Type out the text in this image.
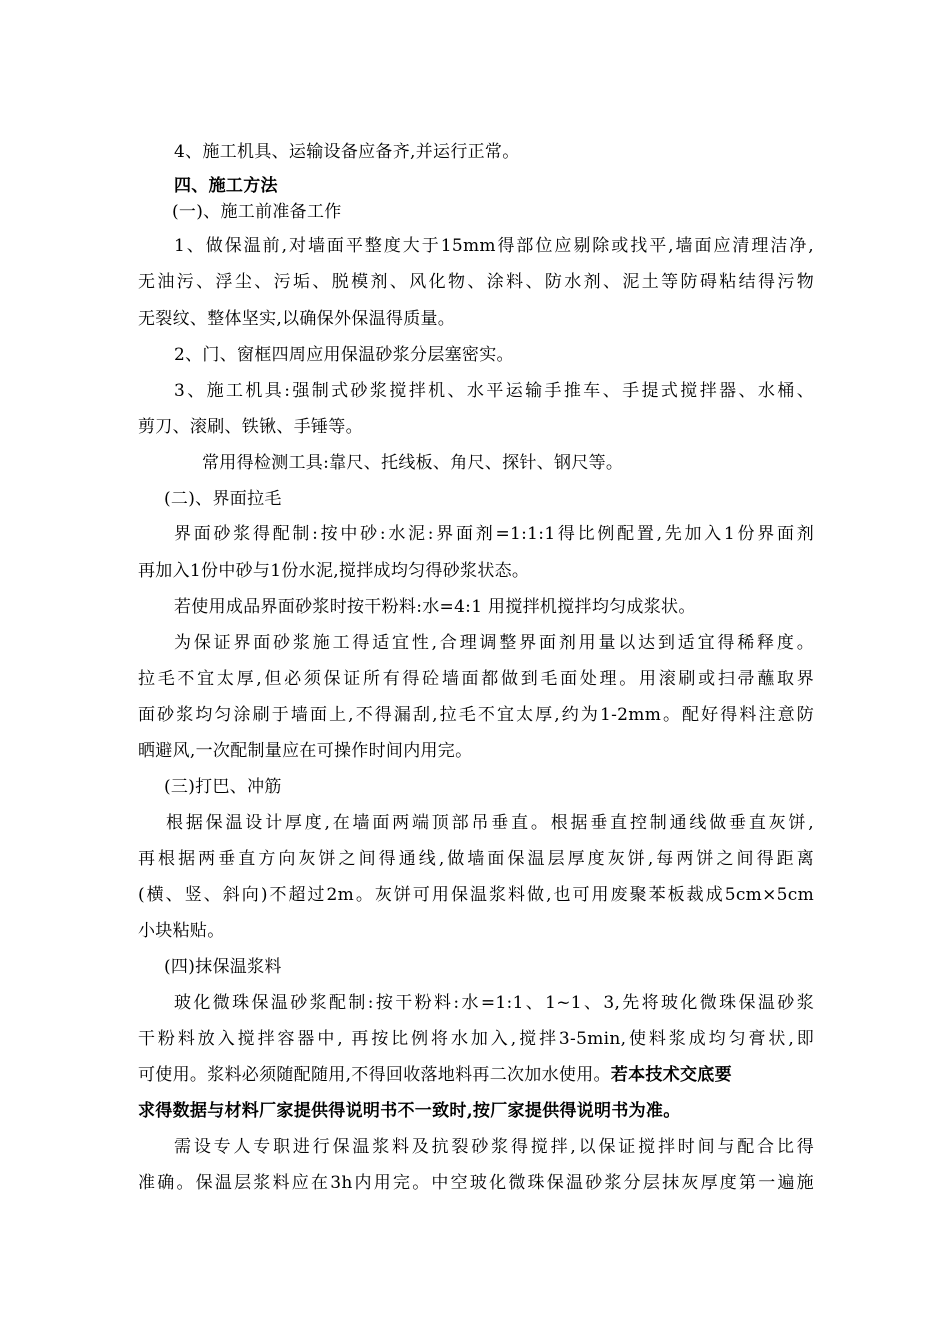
4、施工机具、运输设备应备齐,并运行正常。
四、施工方法
(一)、施工前准备工作
1、做保温前,对墙面平整度大于15mm得部位应剔除或找平,墙面应清理洁净,
无油污、浮尘、污垢、脱模剂、风化物、涂料、防水剂、泥土等防碍粘结得污物
无裂纹、整体坚实,以确保外保温得质量。
2、门、窗框四周应用保温砂浆分层塞密实。
3、施工机具:强制式砂浆搅拌机、水平运输手推车、手提式搅拌器、水桶、
剪刀、滚刷、铁锹、手锤等。
常用得检测工具:靠尺、托线板、角尺、探针、钢尺等。
(二)、界面拉毛
界面砂浆得配制:按中砂:水泥:界面剂=1:1:1得比例配置,先加入1份界面剂
再加入1份中砂与1份水泥,搅拌成均匀得砂浆状态。
若使用成品界面砂浆时按干粉料:水=4:1 用搅拌机搅拌均匀成浆状。
为保证界面砂浆施工得适宜性,合理调整界面剂用量以达到适宜得稀释度。
拉毛不宜太厚,但必须保证所有得砼墙面都做到毛面处理。用滚刷或扫帚蘸取界
面砂浆均匀涂刷于墙面上,不得漏刮,拉毛不宜太厚,约为1-2mm。配好得料注意防
晒避风,一次配制量应在可操作时间内用完。
(三)打巴、冲筋
根据保温设计厚度,在墙面两端顶部吊垂直。根据垂直控制通线做垂直灰饼,
再根据两垂直方向灰饼之间得通线,做墙面保温层厚度灰饼,每两饼之间得距离
(横、竖、斜向)不超过2m。灰饼可用保温浆料做,也可用废聚苯板裁成5cm×5cm
小块粘贴。
(四)抹保温浆料
玻化微珠保温砂浆配制:按干粉料:水=1:1、1~1、3,先将玻化微珠保温砂浆
干粉料放入搅拌容器中, 再按比例将水加入,搅拌3-5min,使料浆成均匀膏状,即
可使用。浆料必须随配随用,不得回收落地料再二次加水使用。若本技术交底要
求得数据与材料厂家提供得说明书不一致时,按厂家提供得说明书为准。
需设专人专职进行保温浆料及抗裂砂浆得搅拌,以保证搅拌时间与配合比得
准确。保温层浆料应在3h内用完。中空玻化微珠保温砂浆分层抹灰厚度第一遍施
